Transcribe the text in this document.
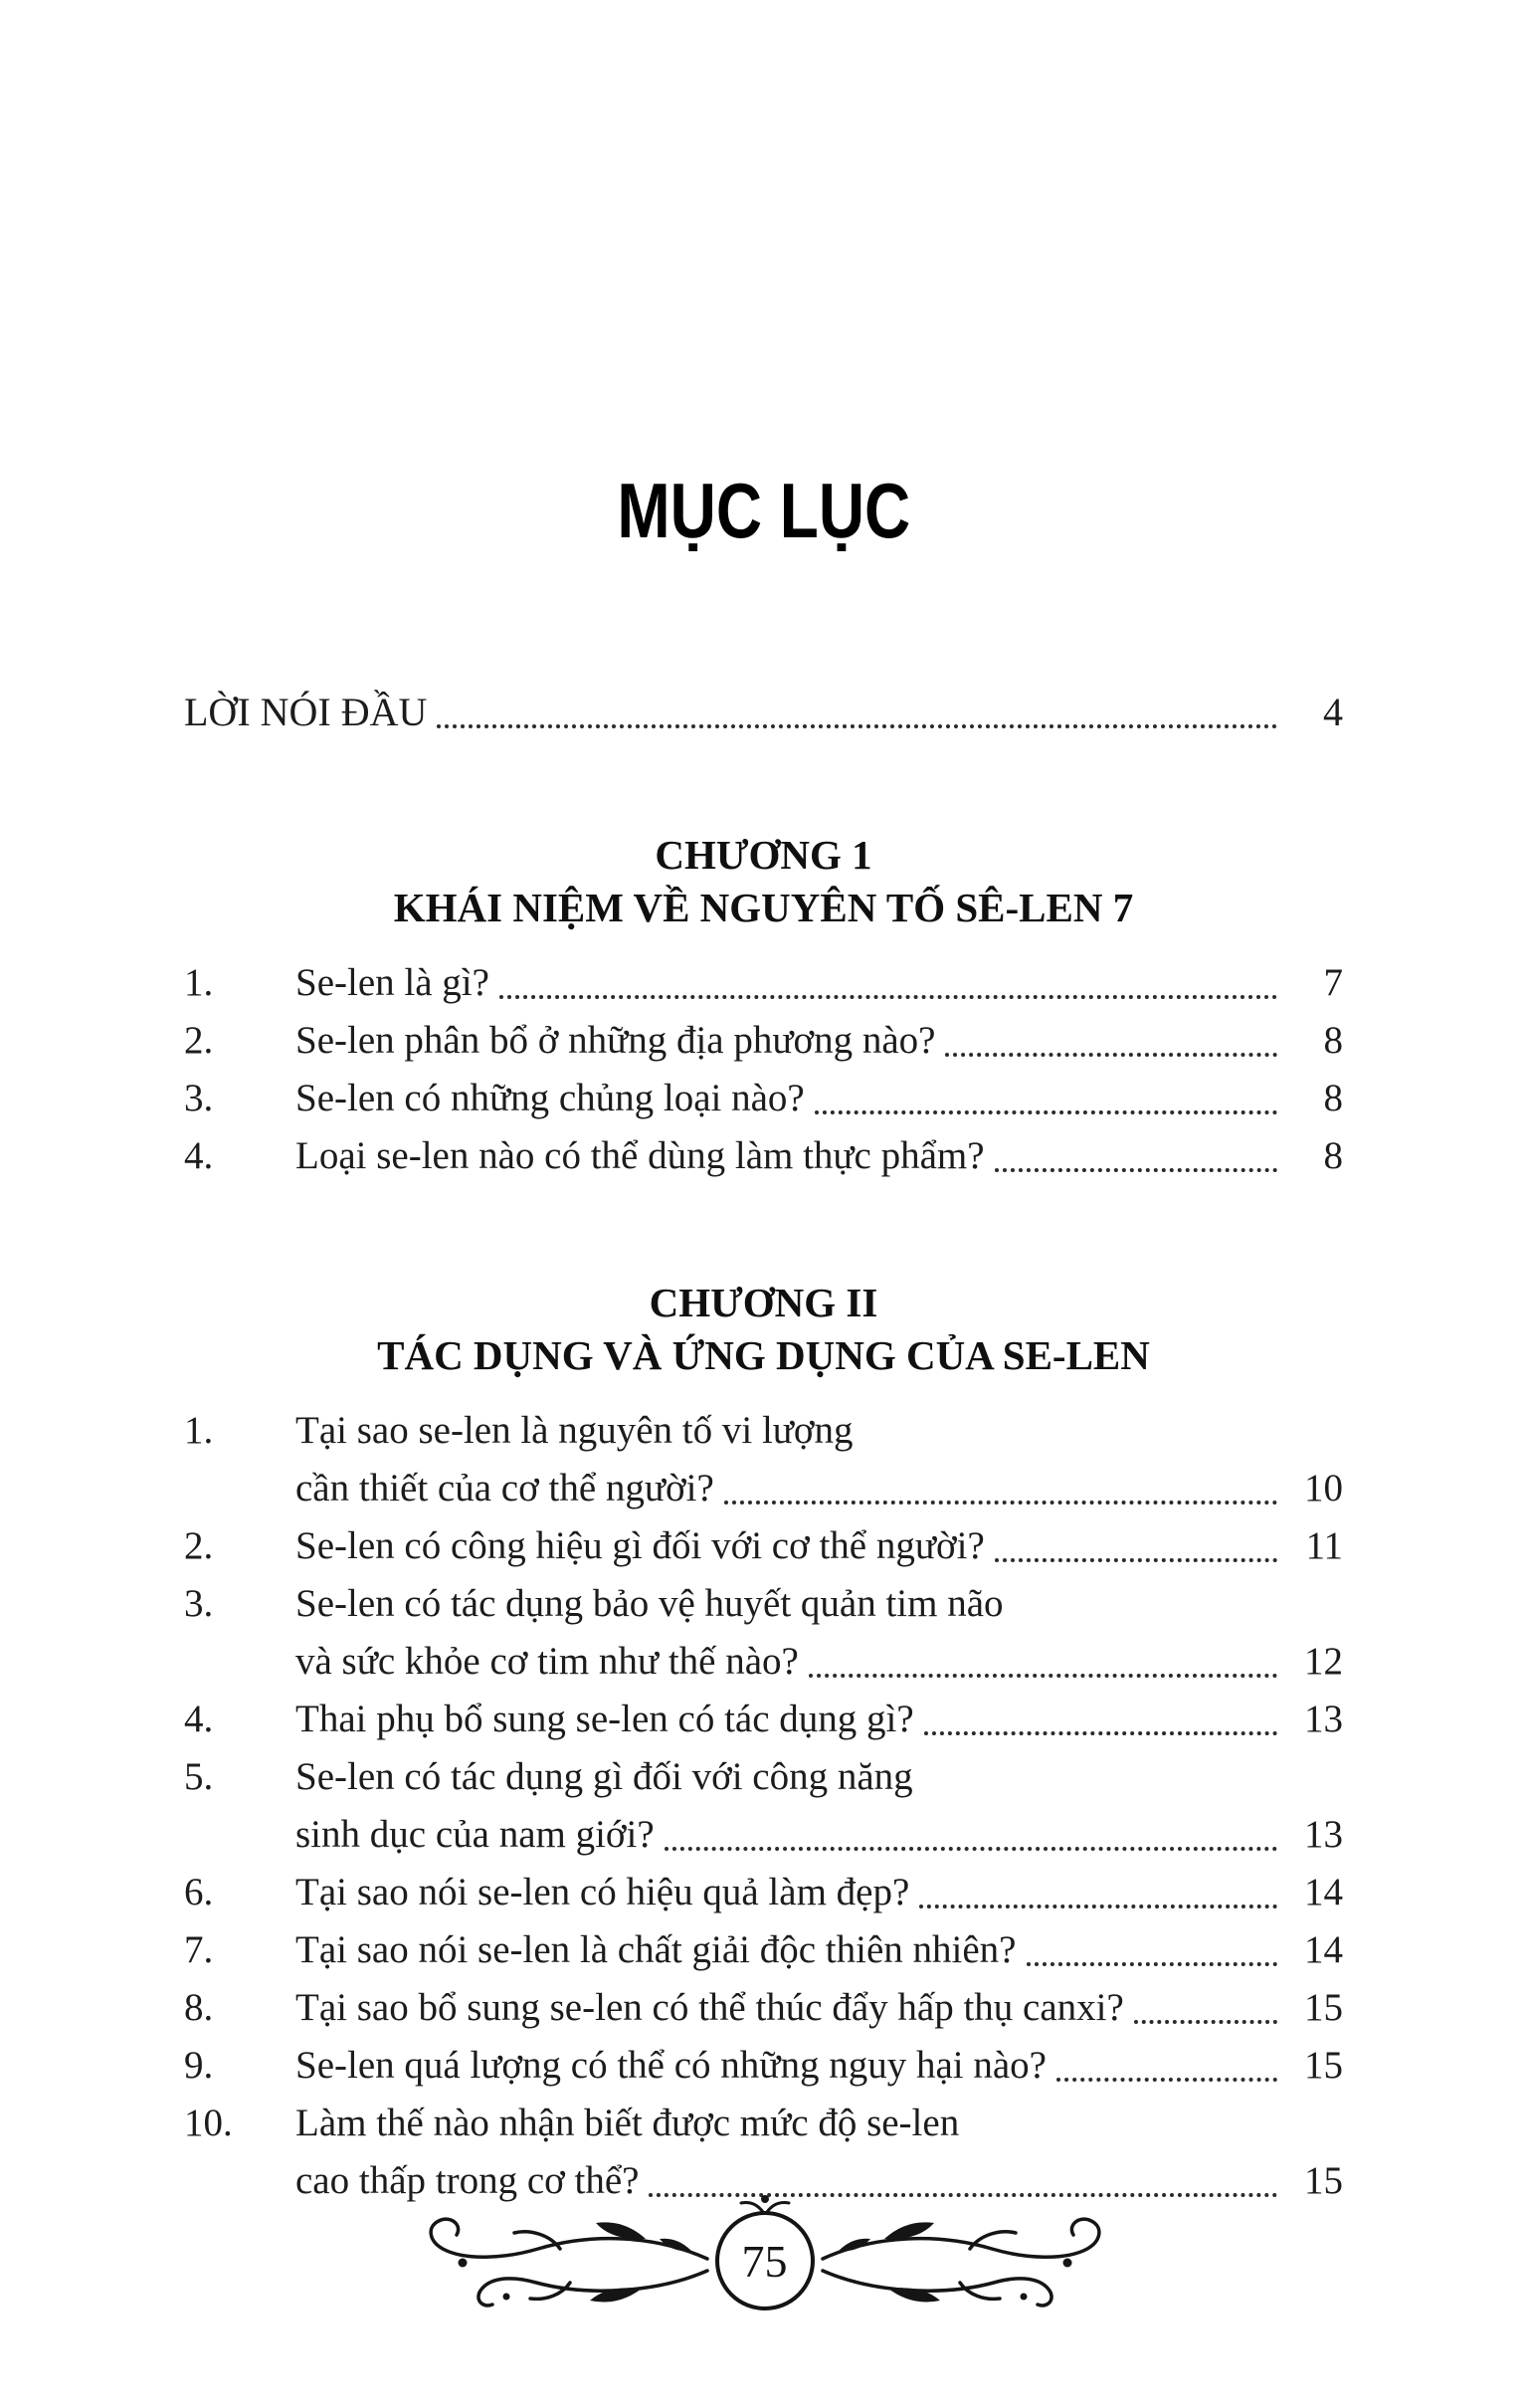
MỤC LỤC
LỜI NÓI ĐẦU	4
CHƯƠNG 1
KHÁI NIỆM VỀ NGUYÊN TỐ SÊ-LEN 7
1.	Se-len là gì?	7
2.	Se-len phân bổ ở những địa phương nào?	8
3.	Se-len có những chủng loại nào?	8
4.	Loại se-len nào có thể dùng làm thực phẩm?	8
CHƯƠNG II
TÁC DỤNG VÀ ỨNG DỤNG CỦA SE-LEN
1.	Tại sao se-len là nguyên tố vi lượng
cần thiết của cơ thể người?	10
2.	Se-len có công hiệu gì đối với cơ thể người?	11
3.	Se-len có tác dụng bảo vệ huyết quản tim não
và sức khỏe cơ tim như thế nào?	12
4.	Thai phụ bổ sung se-len có tác dụng gì?	13
5.	Se-len có tác dụng gì đối với công năng
sinh dục của nam giới?	13
6.	Tại sao nói se-len có hiệu quả làm đẹp?	14
7.	Tại sao nói se-len là chất giải độc thiên nhiên?	14
8.	Tại sao bổ sung se-len có thể thúc đẩy hấp thụ canxi?	15
9.	Se-len quá lượng có thể có những nguy hại nào?	15
10.	Làm thế nào nhận biết được mức độ se-len
cao thấp trong cơ thể?	15
75
